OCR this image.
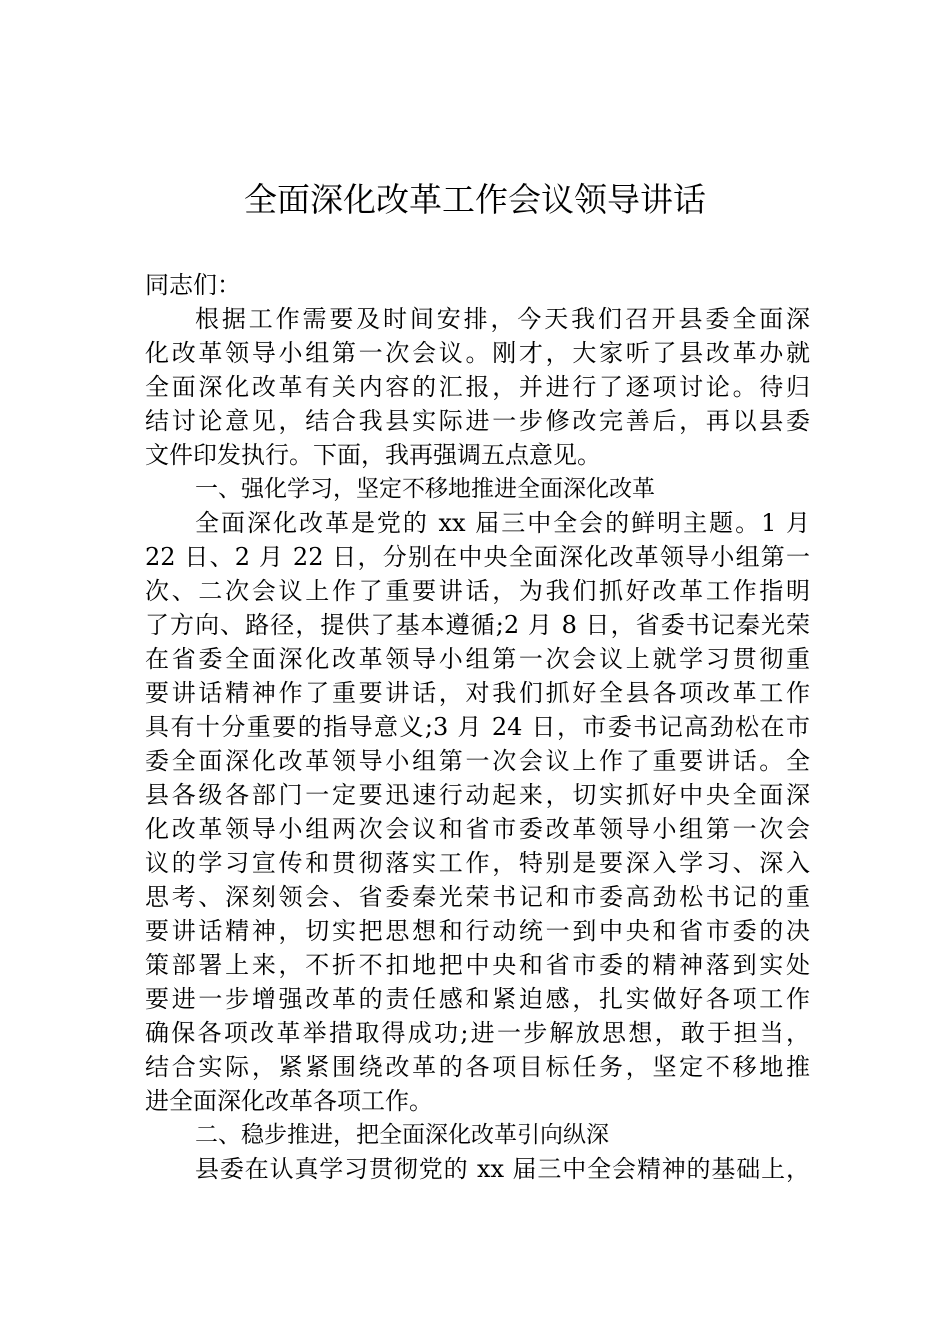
全面深化改革工作会议领导讲话
同志们：
根据工作需要及时间安排，今天我们召开县委全面深
化改革领导小组第一次会议。刚才，大家听了县改革办就
全面深化改革有关内容的汇报，并进行了逐项讨论。待归
结讨论意见，结合我县实际进一步修改完善后，再以县委
文件印发执行。下面，我再强调五点意见。
一、强化学习，坚定不移地推进全面深化改革
全面深化改革是党的 xx 届三中全会的鲜明主题。1 月
22 日、2 月 22 日，分别在中央全面深化改革领导小组第一
次、二次会议上作了重要讲话，为我们抓好改革工作指明
了方向、路径，提供了基本遵循;2 月 8 日，省委书记秦光荣
在省委全面深化改革领导小组第一次会议上就学习贯彻重
要讲话精神作了重要讲话，对我们抓好全县各项改革工作
具有十分重要的指导意义;3 月 24 日，市委书记高劲松在市
委全面深化改革领导小组第一次会议上作了重要讲话。全
县各级各部门一定要迅速行动起来，切实抓好中央全面深
化改革领导小组两次会议和省市委改革领导小组第一次会
议的学习宣传和贯彻落实工作，特别是要深入学习、深入
思考、深刻领会、省委秦光荣书记和市委高劲松书记的重
要讲话精神，切实把思想和行动统一到中央和省市委的决
策部署上来，不折不扣地把中央和省市委的精神落到实处
要进一步增强改革的责任感和紧迫感，扎实做好各项工作
确保各项改革举措取得成功;进一步解放思想，敢于担当，
结合实际，紧紧围绕改革的各项目标任务，坚定不移地推
进全面深化改革各项工作。
二、稳步推进，把全面深化改革引向纵深
县委在认真学习贯彻党的 xx 届三中全会精神的基础上，
